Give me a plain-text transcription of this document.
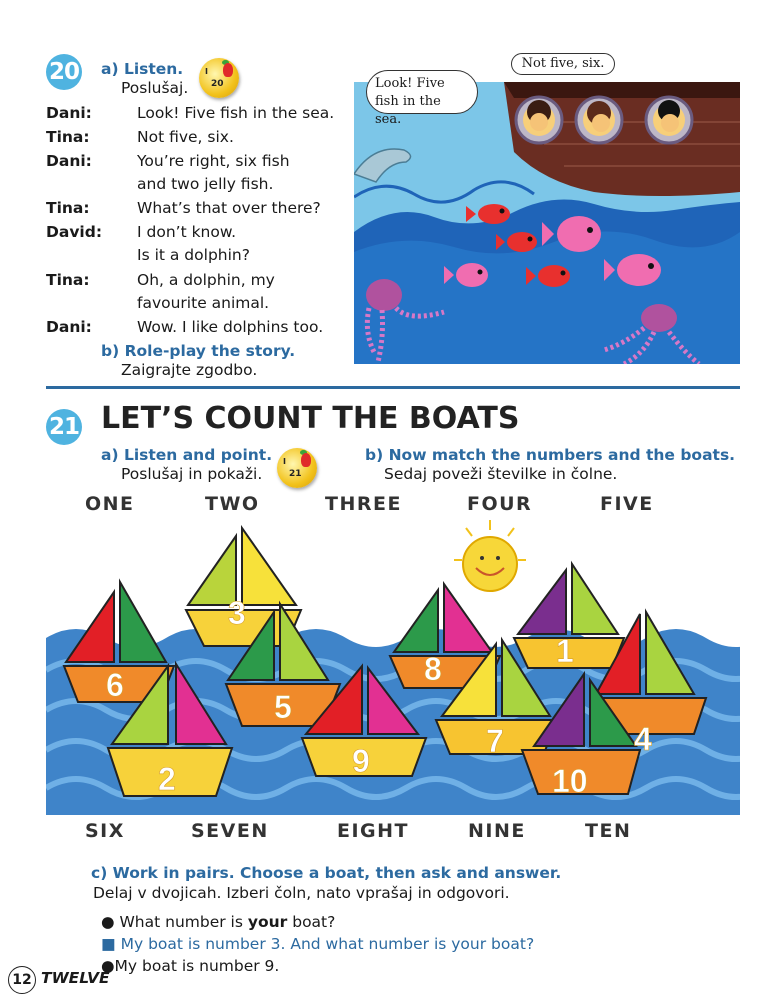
20 a) Listen.
Poslušaj.
I
20
Dani:	Look! Five fish in the sea.
Tina:	Not five, six.
Dani:	You’re right, six fish
and two jelly fish.
Tina:	What’s that over there?
David:	I don’t know.
Is it a dolphin?
Tina:	Oh, a dolphin, my
favourite animal.
Dani:	Wow. I like dolphins too.
b) Role-play the story.
Zaigrajte zgodbo.
Look! Five fish in the sea.
Not five, six.
21 LET’S COUNT THE BOATS
a) Listen and point.
Poslušaj in pokaži.
I
21
b) Now match the numbers and the boats.
Sedaj poveži številke in čolne.
ONE	TWO	THREE	FOUR	FIVE
3
6
5
8	1
4
2	9
7
10
SIX	SEVEN	EIGHT	NINE	TEN
c) Work in pairs. Choose a boat, then ask and answer.
Delaj v dvojicah. Izberi čoln, nato vprašaj in odgovori.
● What number is your boat?
■ My boat is number 3. And what number is your boat?
●My boat is number 9.
12 TWELVE
